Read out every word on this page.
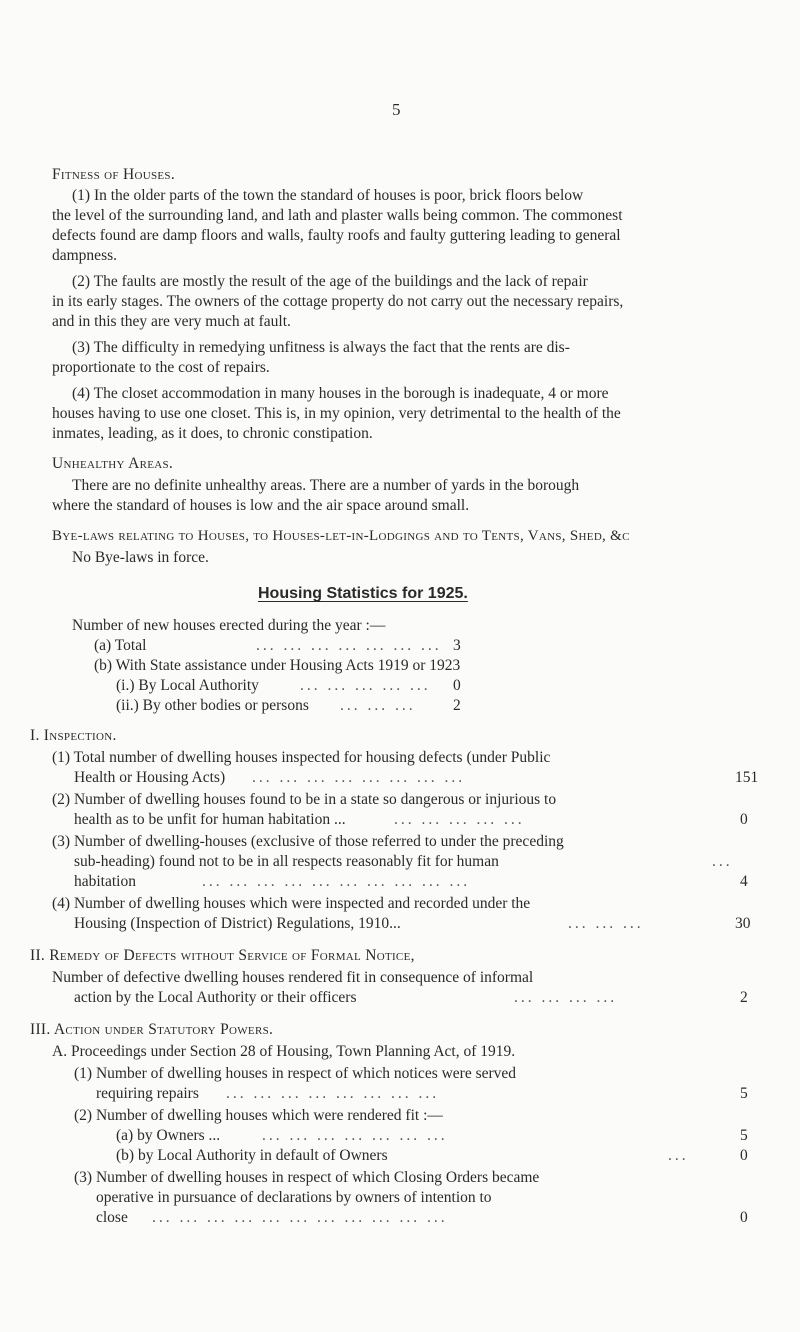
5
Fitness of Houses.
(1) In the older parts of the town the standard of houses is poor, brick floors below
the level of the surrounding land, and lath and plaster walls being common. The commonest
defects found are damp floors and walls, faulty roofs and faulty guttering leading to general
dampness.
(2) The faults are mostly the result of the age of the buildings and the lack of repair
in its early stages. The owners of the cottage property do not carry out the necessary repairs,
and in this they are very much at fault.
(3) The difficulty in remedying unfitness is always the fact that the rents are dis-
proportionate to the cost of repairs.
(4) The closet accommodation in many houses in the borough is inadequate, 4 or more
houses having to use one closet. This is, in my opinion, very detrimental to the health of the
inmates, leading, as it does, to chronic constipation.
Unhealthy Areas.
There are no definite unhealthy areas. There are a number of yards in the borough
where the standard of houses is low and the air space around small.
Bye-laws relating to Houses, to Houses-let-in-Lodgings and to Tents, Vans, Shed, &c
No Bye-laws in force.
Housing Statistics for 1925.
Number of new houses erected during the year :—
(a) Total	... ... ... ... ... ... ... 3
(b) With State assistance under Housing Acts 1919 or 1923
(i.) By Local Authority	... ... ... ... ... 0
(ii.) By other bodies or persons ... ... ... 2
I. Inspection.
(1) Total number of dwelling houses inspected for housing defects (under Public
Health or Housing Acts) ... ... ... ... ... ... ... ...	151
(2) Number of dwelling houses found to be in a state so dangerous or injurious to
health as to be unfit for human habitation ...	... ... ... ... ...	0
(3) Number of dwelling-houses (exclusive of those referred to under the preceding
sub-heading) found not to be in all respects reasonably fit for human	...
habitation	... ... ... ... ... ... ... ... ... ...	4
(4) Number of dwelling houses which were inspected and recorded under the
Housing (Inspection of District) Regulations, 1910...	... ... ...	30
II. Remedy of Defects without Service of Formal Notice,
Number of defective dwelling houses rendered fit in consequence of informal
action by the Local Authority or their officers	... ... ... ...	2
III. Action under Statutory Powers.
A. Proceedings under Section 28 of Housing, Town Planning Act, of 1919.
(1) Number of dwelling houses in respect of which notices were served
requiring repairs ... ... ... ... ... ... ... ...	5
(2) Number of dwelling houses which were rendered fit :—
(a) by Owners ...	... ... ... ... ... ... ...	5
(b) by Local Authority in default of Owners	...	0
(3) Number of dwelling houses in respect of which Closing Orders became
operative in pursuance of declarations by owners of intention to
close ... ... ... ... ... ... ... ... ... ... ...	0
